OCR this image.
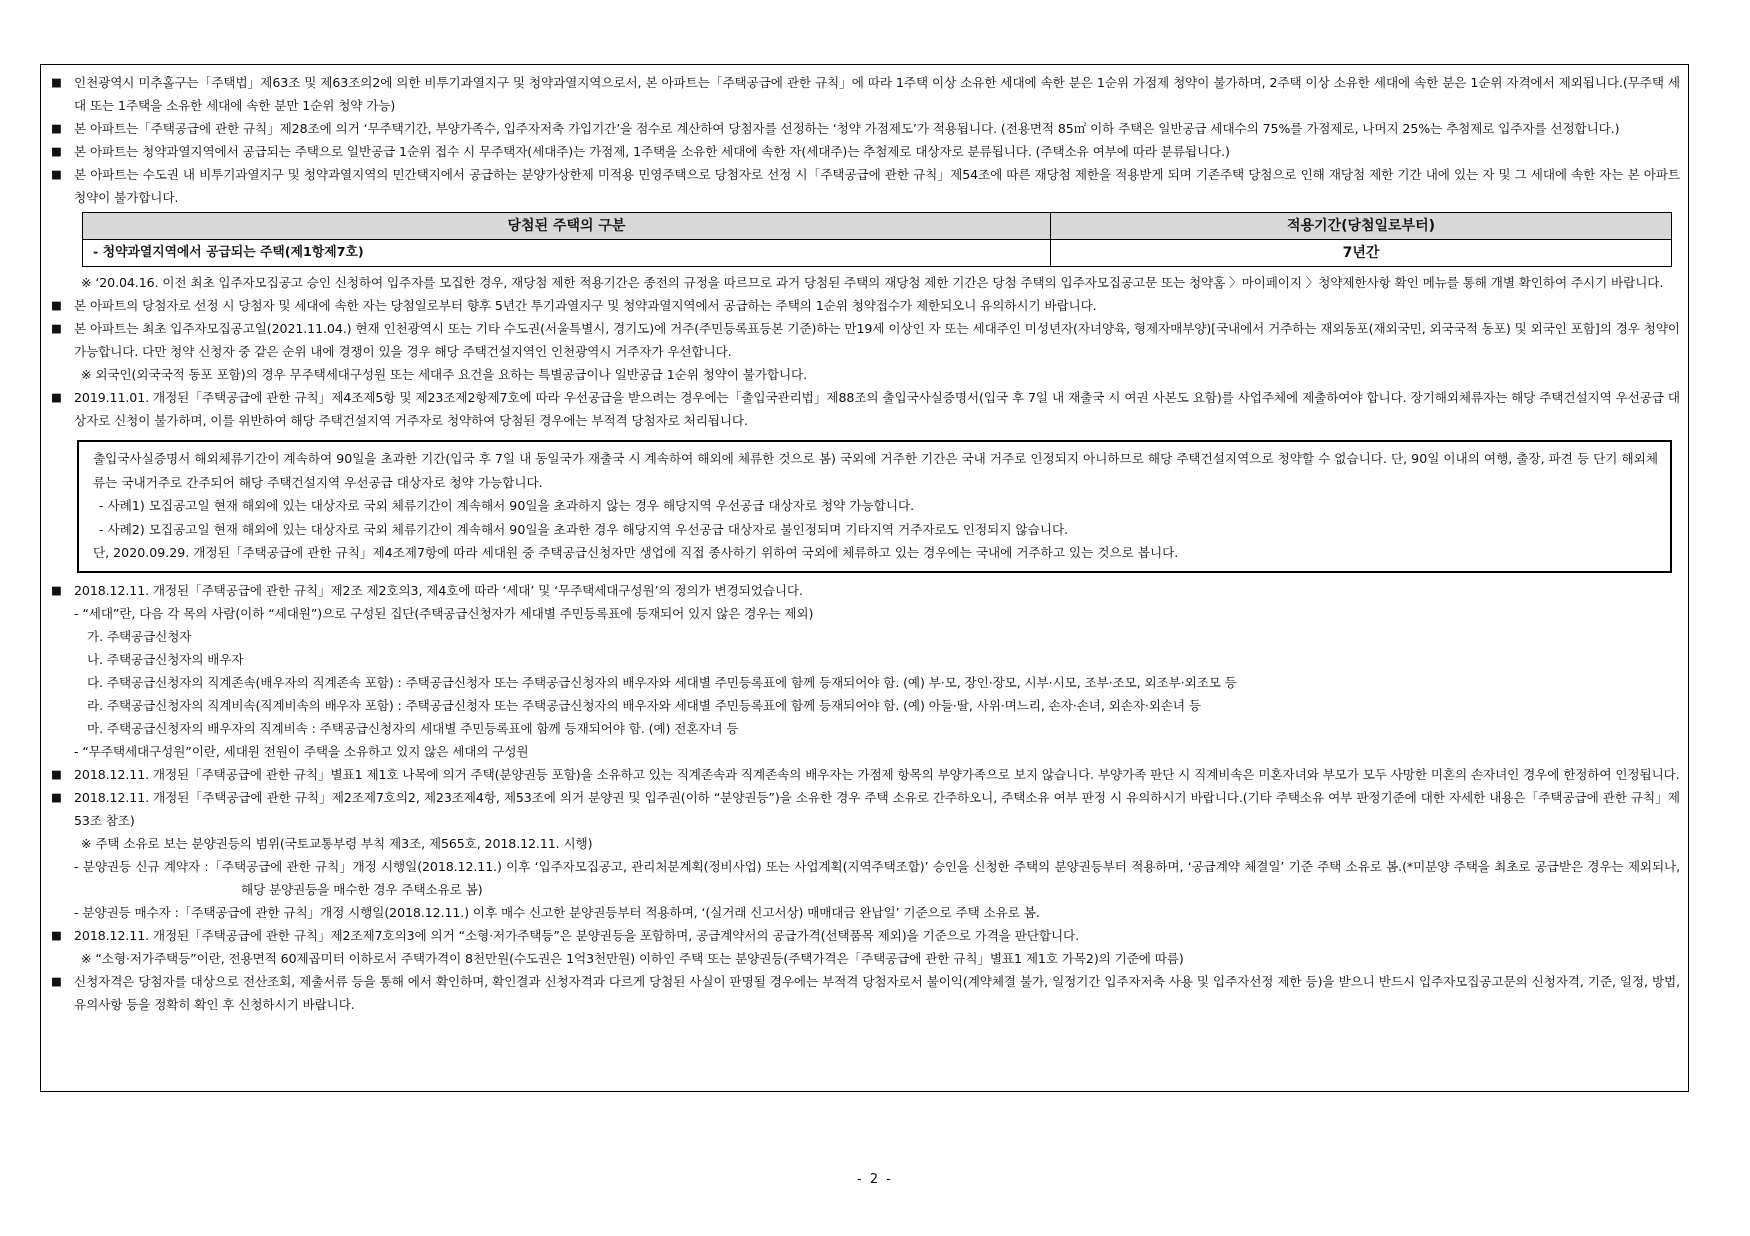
■ 인천광역시 미추홀구는「주택법」제63조 및 제63조의2에 의한 비투기과열지구 및 청약과열지역으로서, 본 아파트는「주택공급에 관한 규칙」에 따라 1주택 이상 소유한 세대에 속한 분은 1순위 가점제 청약이 불가하며, 2주택 이상 소유한 세대에 속한 분은 1순위 자격에서 제외됩니다.(무주택 세대 또는 1주택을 소유한 세대에 속한 분만 1순위 청약 가능)
■ 본 아파트는「주택공급에 관한 규칙」제28조에 의거 ‘무주택기간, 부양가족수, 입주자저축 가입기간’을 점수로 계산하여 당첨자를 선정하는 ‘청약 가점제도’가 적용됩니다. (전용면적 85㎡ 이하 주택은 일반공급 세대수의 75%를 가점제로, 나머지 25%는 추첨제로 입주자를 선정합니다.)
■ 본 아파트는 청약과열지역에서 공급되는 주택으로 일반공급 1순위 접수 시 무주택자(세대주)는 가점제, 1주택을 소유한 세대에 속한 자(세대주)는 추첨제로 대상자로 분류됩니다. (주택소유 여부에 따라 분류됩니다.)
■ 본 아파트는 수도권 내 비투기과열지구 및 청약과열지역의 민간택지에서 공급하는 분양가상한제 미적용 민영주택으로 당첨자로 선정 시「주택공급에 관한 규칙」제54조에 따른 재당첨 제한을 적용받게 되며 기존주택 당첨으로 인해 재당첨 제한 기간 내에 있는 자 및 그 세대에 속한 자는 본 아파트 청약이 불가합니다.
당첨된 주택의 구분	적용기간(당첨일로부터)
- 청약과열지역에서 공급되는 주택(제1항제7호)	7년간
※ ‘20.04.16. 이전 최초 입주자모집공고 승인 신청하여 입주자를 모집한 경우, 재당첨 제한 적용기간은 종전의 규정을 따르므로 과거 당첨된 주택의 재당첨 제한 기간은 당첨 주택의 입주자모집공고문 또는 청약홈 〉마이페이지 〉청약제한사항 확인 메뉴를 통해 개별 확인하여 주시기 바랍니다.
■ 본 아파트의 당첨자로 선정 시 당첨자 및 세대에 속한 자는 당첨일로부터 향후 5년간 투기과열지구 및 청약과열지역에서 공급하는 주택의 1순위 청약접수가 제한되오니 유의하시기 바랍니다.
■ 본 아파트는 최초 입주자모집공고일(2021.11.04.) 현재 인천광역시 또는 기타 수도권(서울특별시, 경기도)에 거주(주민등록표등본 기준)하는 만19세 이상인 자 또는 세대주인 미성년자(자녀양육, 형제자매부양)[국내에서 거주하는 재외동포(재외국민, 외국국적 동포) 및 외국인 포함]의 경우 청약이 가능합니다. 다만 청약 신청자 중 같은 순위 내에 경쟁이 있을 경우 해당 주택건설지역인 인천광역시 거주자가 우선합니다.
※ 외국인(외국국적 동포 포함)의 경우 무주택세대구성원 또는 세대주 요건을 요하는 특별공급이나 일반공급 1순위 청약이 불가합니다.
■ 2019.11.01. 개정된「주택공급에 관한 규칙」제4조제5항 및 제23조제2항제7호에 따라 우선공급을 받으려는 경우에는「출입국관리법」제88조의 출입국사실증명서(입국 후 7일 내 재출국 시 여권 사본도 요함)를 사업주체에 제출하여야 합니다. 장기해외체류자는 해당 주택건설지역 우선공급 대상자로 신청이 불가하며, 이를 위반하여 해당 주택건설지역 거주자로 청약하여 당첨된 경우에는 부적격 당첨자로 처리됩니다.
출입국사실증명서 해외체류기간이 계속하여 90일을 초과한 기간(입국 후 7일 내 동일국가 재출국 시 계속하여 해외에 체류한 것으로 봄) 국외에 거주한 기간은 국내 거주로 인정되지 아니하므로 해당 주택건설지역으로 청약할 수 없습니다. 단, 90일 이내의 여행, 출장, 파견 등 단기 해외체류는 국내거주로 간주되어 해당 주택건설지역 우선공급 대상자로 청약 가능합니다.
- 사례1) 모집공고일 현재 해외에 있는 대상자로 국외 체류기간이 계속해서 90일을 초과하지 않는 경우 해당지역 우선공급 대상자로 청약 가능합니다.
- 사례2) 모집공고일 현재 해외에 있는 대상자로 국외 체류기간이 계속해서 90일을 초과한 경우 해당지역 우선공급 대상자로 불인정되며 기타지역 거주자로도 인정되지 않습니다.
단, 2020.09.29. 개정된「주택공급에 관한 규칙」제4조제7항에 따라 세대원 중 주택공급신청자만 생업에 직접 종사하기 위하여 국외에 체류하고 있는 경우에는 국내에 거주하고 있는 것으로 봅니다.
■ 2018.12.11. 개정된「주택공급에 관한 규칙」제2조 제2호의3, 제4호에 따라 ‘세대’ 및 ‘무주택세대구성원’의 정의가 변경되었습니다.
- “세대”란, 다음 각 목의 사람(이하 “세대원”)으로 구성된 집단(주택공급신청자가 세대별 주민등록표에 등재되어 있지 않은 경우는 제외)
가. 주택공급신청자
나. 주택공급신청자의 배우자
다. 주택공급신청자의 직계존속(배우자의 직계존속 포함) : 주택공급신청자 또는 주택공급신청자의 배우자와 세대별 주민등록표에 함께 등재되어야 함. (예) 부·모, 장인·장모, 시부·시모, 조부·조모, 외조부·외조모 등
라. 주택공급신청자의 직계비속(직계비속의 배우자 포함) : 주택공급신청자 또는 주택공급신청자의 배우자와 세대별 주민등록표에 함께 등재되어야 함. (예) 아들·딸, 사위·며느리, 손자·손녀, 외손자·외손녀 등
마. 주택공급신청자의 배우자의 직계비속 : 주택공급신청자의 세대별 주민등록표에 함께 등재되어야 함. (예) 전혼자녀 등
- “무주택세대구성원”이란, 세대원 전원이 주택을 소유하고 있지 않은 세대의 구성원
■ 2018.12.11. 개정된「주택공급에 관한 규칙」별표1 제1호 나목에 의거 주택(분양권등 포함)을 소유하고 있는 직계존속과 직계존속의 배우자는 가점제 항목의 부양가족으로 보지 않습니다. 부양가족 판단 시 직계비속은 미혼자녀와 부모가 모두 사망한 미혼의 손자녀인 경우에 한정하여 인정됩니다.
■ 2018.12.11. 개정된「주택공급에 관한 규칙」제2조제7호의2, 제23조제4항, 제53조에 의거 분양권 및 입주권(이하 “분양권등”)을 소유한 경우 주택 소유로 간주하오니, 주택소유 여부 판정 시 유의하시기 바랍니다.(기타 주택소유 여부 판정기준에 대한 자세한 내용은「주택공급에 관한 규칙」제53조 참조)
※ 주택 소유로 보는 분양권등의 범위(국토교통부령 부칙 제3조, 제565호, 2018.12.11. 시행)
- 분양권등 신규 계약자 :「주택공급에 관한 규칙」개정 시행일(2018.12.11.) 이후 ‘입주자모집공고, 관리처분계획(정비사업) 또는 사업계획(지역주택조합)’ 승인을 신청한 주택의 분양권등부터 적용하며, ‘공급계약 체결일’ 기준 주택 소유로 봄.(*미분양 주택을 최초로 공급받은 경우는 제외되나, 해당 분양권등을 매수한 경우 주택소유로 봄)
- 분양권등 매수자 :「주택공급에 관한 규칙」개정 시행일(2018.12.11.) 이후 매수 신고한 분양권등부터 적용하며, ‘(실거래 신고서상) 매매대금 완납일’ 기준으로 주택 소유로 봄.
■ 2018.12.11. 개정된「주택공급에 관한 규칙」제2조제7호의3에 의거 “소형·저가주택등”은 분양권등을 포함하며, 공급계약서의 공급가격(선택품목 제외)을 기준으로 가격을 판단합니다.
※ “소형·저가주택등”이란, 전용면적 60제곱미터 이하로서 주택가격이 8천만원(수도권은 1억3천만원) 이하인 주택 또는 분양권등(주택가격은「주택공급에 관한 규칙」별표1 제1호 가목2)의 기준에 따름)
■ 신청자격은 당첨자를 대상으로 전산조회, 제출서류 등을 통해 에서 확인하며, 확인결과 신청자격과 다르게 당첨된 사실이 판명될 경우에는 부적격 당첨자로서 불이익(계약체결 불가, 일정기간 입주자저축 사용 및 입주자선정 제한 등)을 받으니 반드시 입주자모집공고문의 신청자격, 기준, 일정, 방법, 유의사항 등을 정확히 확인 후 신청하시기 바랍니다.
- 2 -
